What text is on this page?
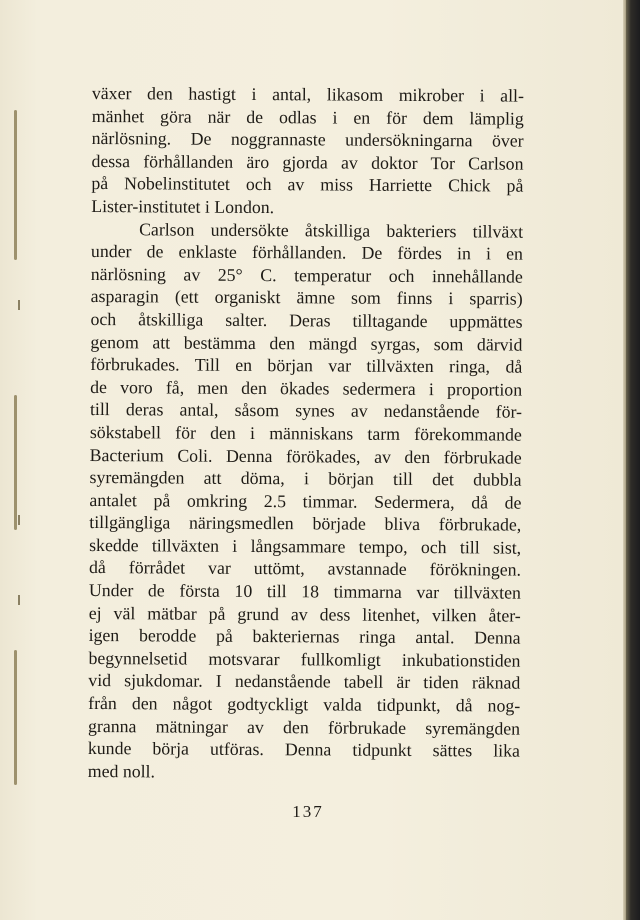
växer den hastigt i antal, likasom mikrober i all-
mänhet göra när de odlas i en för dem lämplig
närlösning. De noggrannaste undersökningarna över
dessa förhållanden äro gjorda av doktor Tor Carlson
på Nobelinstitutet och av miss Harriette Chick på
Lister-institutet i London.
Carlson undersökte åtskilliga bakteriers tillväxt
under de enklaste förhållanden. De fördes in i en
närlösning av 25° C. temperatur och innehållande
asparagin (ett organiskt ämne som finns i sparris)
och åtskilliga salter. Deras tilltagande uppmättes
genom att bestämma den mängd syrgas, som därvid
förbrukades. Till en början var tillväxten ringa, då
de voro få, men den ökades sedermera i proportion
till deras antal, såsom synes av nedanstående för-
sökstabell för den i människans tarm förekommande
Bacterium Coli. Denna förökades, av den förbrukade
syremängden att döma, i början till det dubbla
antalet på omkring 2.5 timmar. Sedermera, då de
tillgängliga näringsmedlen började bliva förbrukade,
skedde tillväxten i långsammare tempo, och till sist,
då förrådet var uttömt, avstannade förökningen.
Under de första 10 till 18 timmarna var tillväxten
ej väl mätbar på grund av dess litenhet, vilken åter-
igen berodde på bakteriernas ringa antal. Denna
begynnelsetid motsvarar fullkomligt inkubationstiden
vid sjukdomar. I nedanstående tabell är tiden räknad
från den något godtyckligt valda tidpunkt, då nog-
granna mätningar av den förbrukade syremängden
kunde börja utföras. Denna tidpunkt sättes lika
med noll.
137
